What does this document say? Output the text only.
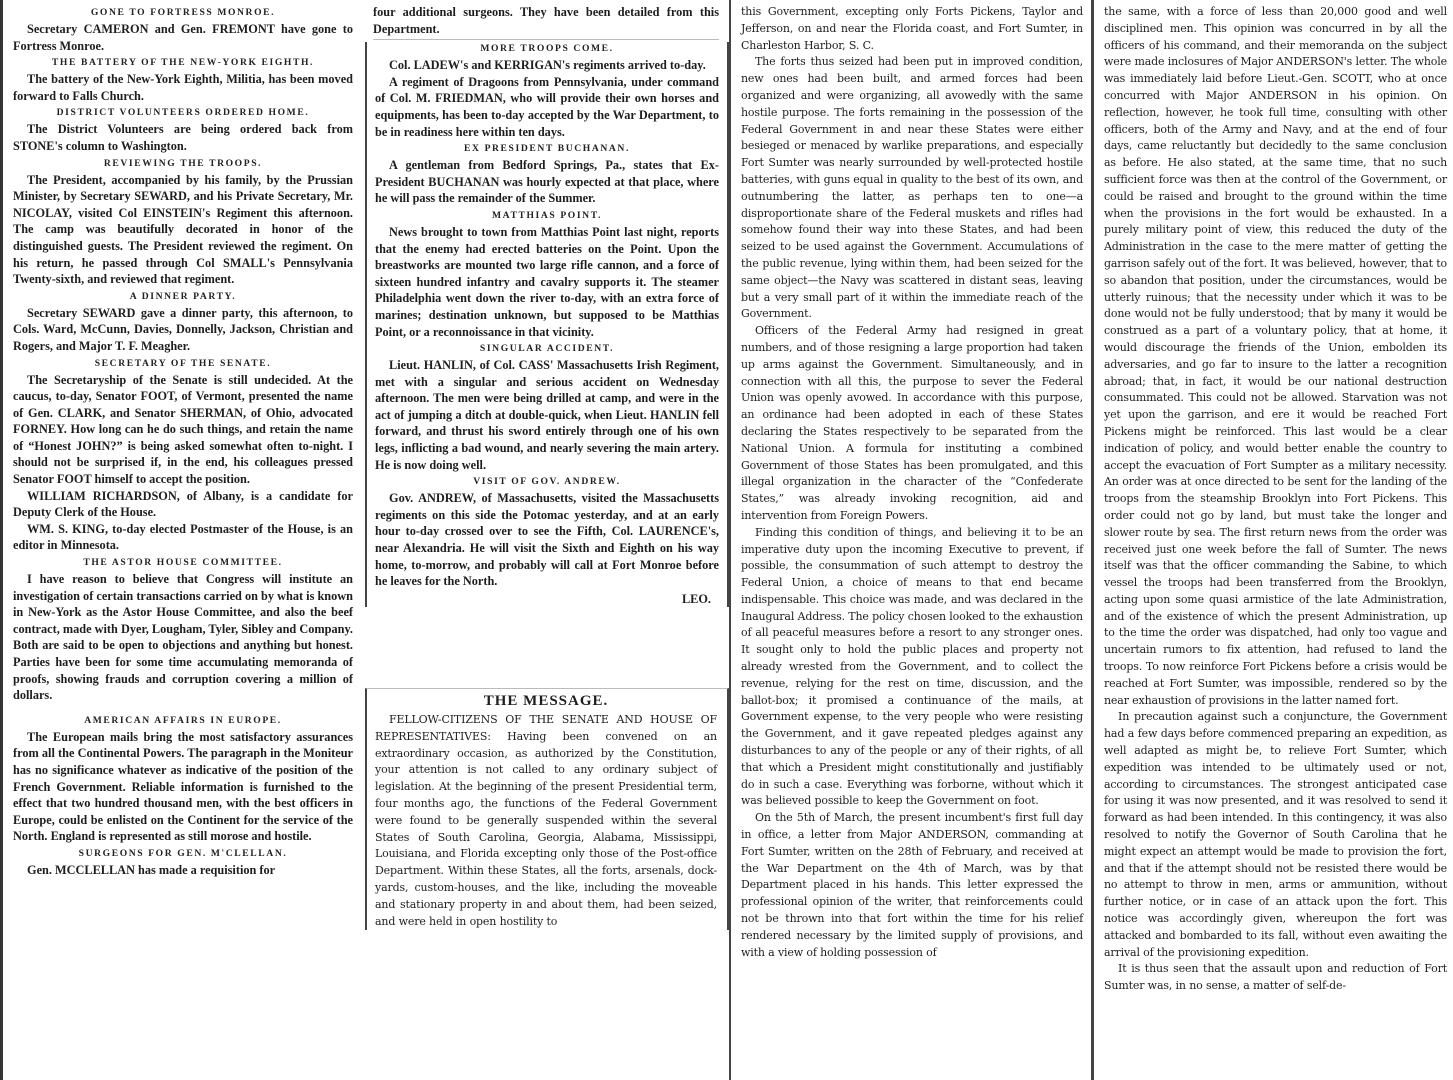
GONE TO FORTRESS MONROE.

Secretary CAMERON and Gen. FREMONT have gone to Fortress Monroe.

THE BATTERY OF THE NEW-YORK EIGHTH.

The battery of the New-York Eighth, Militia, has been moved forward to Falls Church.

DISTRICT VOLUNTEERS ORDERED HOME.

The District Volunteers are being ordered back from STONE's column to Washington.

REVIEWING THE TROOPS.

The President, accompanied by his family, by the Prussian Minister, by Secretary SEWARD, and his Private Secretary, Mr. NICOLAY, visited Col EINSTEIN's Regiment this afternoon. The camp was beautifully decorated in honor of the distinguished guests. The President reviewed the regiment. On his return, he passed through Col SMALL's Pennsylvania Twenty-sixth, and reviewed that regiment.

A DINNER PARTY.

Secretary SEWARD gave a dinner party, this afternoon, to Cols. Ward, McCunn, Davies, Donnelly, Jackson, Christian and Rogers, and Major T. F. Meagher.

SECRETARY OF THE SENATE.

The Secretaryship of the Senate is still undecided. At the caucus, to-day, Senator FOOT, of Vermont, presented the name of Gen. CLARK, and Senator SHERMAN, of Ohio, advocated FORNEY. How long can he do such things, and retain the name of “Honest JOHN?” is being asked somewhat often to-night. I should not be surprised if, in the end, his colleagues pressed Senator FOOT himself to accept the position.

WILLIAM RICHARDSON, of Albany, is a candidate for Deputy Clerk of the House.

WM. S. KING, to-day elected Postmaster of the House, is an editor in Minnesota.

THE ASTOR HOUSE COMMITTEE.

I have reason to believe that Congress will institute an investigation of certain transactions carried on by what is known in New-York as the Astor House Committee, and also the beef contract, made with Dyer, Lougham, Tyler, Sibley and Company. Both are said to be open to objections and anything but honest. Parties have been for some time accumulating memoranda of proofs, showing frauds and corruption covering a million of dollars.

AMERICAN AFFAIRS IN EUROPE.

The European mails bring the most satisfactory assurances from all the Continental Powers. The paragraph in the Moniteur has no significance whatever as indicative of the position of the French Government. Reliable information is furnished to the effect that two hundred thousand men, with the best officers in Europe, could be enlisted on the Continent for the service of the North. England is represented as still morose and hostile.

SURGEONS FOR GEN. M'CLELLAN.

Gen. MCCLELLAN has made a requisition for

four additional surgeons. They have been detailed from this Department.

MORE TROOPS COME.

Col. LADEW's and KERRIGAN's regiments arrived to-day.

A regiment of Dragoons from Pennsylvania, under command of Col. M. FRIEDMAN, who will provide their own horses and equipments, has been to-day accepted by the War Department, to be in readiness here within ten days.

EX PRESIDENT BUCHANAN.

A gentleman from Bedford Springs, Pa., states that Ex-President BUCHANAN was hourly expected at that place, where he will pass the remainder of the Summer.

MATTHIAS POINT.

News brought to town from Matthias Point last night, reports that the enemy had erected batteries on the Point. Upon the breastworks are mounted two large rifle cannon, and a force of sixteen hundred infantry and cavalry supports it. The steamer Philadelphia went down the river to-day, with an extra force of marines; destination unknown, but supposed to be Matthias Point, or a reconnoissance in that vicinity.

SINGULAR ACCIDENT.

Lieut. HANLIN, of Col. CASS' Massachusetts Irish Regiment, met with a singular and serious accident on Wednesday afternoon. The men were being drilled at camp, and were in the act of jumping a ditch at double-quick, when Lieut. HANLIN fell forward, and thrust his sword entirely through one of his own legs, inflicting a bad wound, and nearly severing the main artery. He is now doing well.

VISIT OF GOV. ANDREW.

Gov. ANDREW, of Massachusetts, visited the Massachusetts regiments on this side the Potomac yesterday, and at an early hour to-day crossed over to see the Fifth, Col. LAURENCE's, near Alexandria. He will visit the Sixth and Eighth on his way home, to-morrow, and probably will call at Fort Monroe before he leaves for the North.

LEO.
THE MESSAGE.

FELLOW-CITIZENS OF THE SENATE AND HOUSE OF REPRESENTATIVES: Having been convened on an extraordinary occasion, as authorized by the Constitution, your attention is not called to any ordinary subject of legislation. At the beginning of the present Presidential term, four months ago, the functions of the Federal Government were found to be generally suspended within the several States of South Carolina, Georgia, Alabama, Mississippi, Louisiana, and Florida excepting only those of the Post-office Department. Within these States, all the forts, arsenals, dock-yards, custom-houses, and the like, including the moveable and stationary property in and about them, had been seized, and were held in open hostility to

this Government, excepting only Forts Pickens, Taylor and Jefferson, on and near the Florida coast, and Fort Sumter, in Charleston Harbor, S. C.

The forts thus seized had been put in improved condition, new ones had been built, and armed forces had been organized and were organizing, all avowedly with the same hostile purpose. The forts remaining in the possession of the Federal Government in and near these States were either besieged or menaced by warlike preparations, and especially Fort Sumter was nearly surrounded by well-protected hostile batteries, with guns equal in quality to the best of its own, and outnumbering the latter, as perhaps ten to one—a disproportionate share of the Federal muskets and rifles had somehow found their way into these States, and had been seized to be used against the Government. Accumulations of the public revenue, lying within them, had been seized for the same object—the Navy was scattered in distant seas, leaving but a very small part of it within the immediate reach of the Government.

Officers of the Federal Army had resigned in great numbers, and of those resigning a large proportion had taken up arms against the Government. Simultaneously, and in connection with all this, the purpose to sever the Federal Union was openly avowed. In accordance with this purpose, an ordinance had been adopted in each of these States declaring the States respectively to be separated from the National Union. A formula for instituting a combined Government of those States has been promulgated, and this illegal organization in the character of the “Confederate States,” was already invoking recognition, aid and intervention from Foreign Powers.

Finding this condition of things, and believing it to be an imperative duty upon the incoming Executive to prevent, if possible, the consummation of such attempt to destroy the Federal Union, a choice of means to that end became indispensable. This choice was made, and was declared in the Inaugural Address. The policy chosen looked to the exhaustion of all peaceful measures before a resort to any stronger ones. It sought only to hold the public places and property not already wrested from the Government, and to collect the revenue, relying for the rest on time, discussion, and the ballot-box; it promised a continuance of the mails, at Government expense, to the very people who were resisting the Government, and it gave repeated pledges against any disturbances to any of the people or any of their rights, of all that which a President might constitutionally and justifiably do in such a case. Everything was forborne, without which it was believed possible to keep the Government on foot.

On the 5th of March, the present incumbent's first full day in office, a letter from Major ANDERSON, commanding at Fort Sumter, written on the 28th of February, and received at the War Department on the 4th of March, was by that Department placed in his hands. This letter expressed the professional opinion of the writer, that reinforcements could not be thrown into that fort within the time for his relief rendered necessary by the limited supply of provisions, and with a view of holding possession of

the same, with a force of less than 20,000 good and well disciplined men. This opinion was concurred in by all the officers of his command, and their memoranda on the subject were made inclosures of Major ANDERSON's letter. The whole was immediately laid before Lieut.-Gen. SCOTT, who at once concurred with Major ANDERSON in his opinion. On reflection, however, he took full time, consulting with other officers, both of the Army and Navy, and at the end of four days, came reluctantly but decidedly to the same conclusion as before. He also stated, at the same time, that no such sufficient force was then at the control of the Government, or could be raised and brought to the ground within the time when the provisions in the fort would be exhausted. In a purely military point of view, this reduced the duty of the Administration in the case to the mere matter of getting the garrison safely out of the fort. It was believed, however, that to so abandon that position, under the circumstances, would be utterly ruinous; that the necessity under which it was to be done would not be fully understood; that by many it would be construed as a part of a voluntary policy, that at home, it would discourage the friends of the Union, embolden its adversaries, and go far to insure to the latter a recognition abroad; that, in fact, it would be our national destruction consummated. This could not be allowed. Starvation was not yet upon the garrison, and ere it would be reached Fort Pickens might be reinforced. This last would be a clear indication of policy, and would better enable the country to accept the evacuation of Fort Sumpter as a military necessity. An order was at once directed to be sent for the landing of the troops from the steamship Brooklyn into Fort Pickens. This order could not go by land, but must take the longer and slower route by sea. The first return news from the order was received just one week before the fall of Sumter. The news itself was that the officer commanding the Sabine, to which vessel the troops had been transferred from the Brooklyn, acting upon some quasi armistice of the late Administration, and of the existence of which the present Administration, up to the time the order was dispatched, had only too vague and uncertain rumors to fix attention, had refused to land the troops. To now reinforce Fort Pickens before a crisis would be reached at Fort Sumter, was impossible, rendered so by the near exhaustion of provisions in the latter named fort.

In precaution against such a conjuncture, the Government had a few days before commenced preparing an expedition, as well adapted as might be, to relieve Fort Sumter, which expedition was intended to be ultimately used or not, according to circumstances. The strongest anticipated case for using it was now presented, and it was resolved to send it forward as had been intended. In this contingency, it was also resolved to notify the Governor of South Carolina that he might expect an attempt would be made to provision the fort, and that if the attempt should not be resisted there would be no attempt to throw in men, arms or ammunition, without further notice, or in case of an attack upon the fort. This notice was accordingly given, whereupon the fort was attacked and bombarded to its fall, without even awaiting the arrival of the provisioning expedition.

It is thus seen that the assault upon and reduction of Fort Sumter was, in no sense, a matter of self-de-
